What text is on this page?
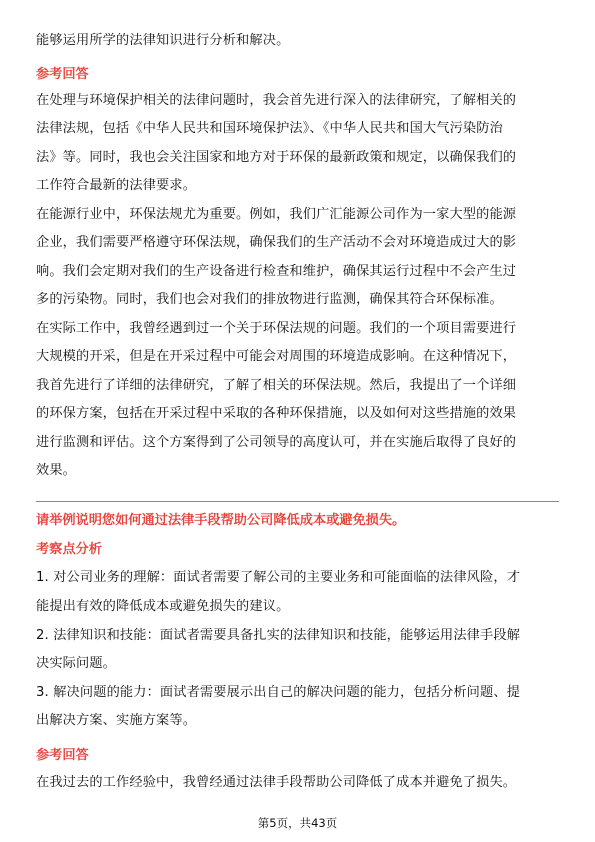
能够运用所学的法律知识进行分析和解决。
参考回答
在处理与环境保护相关的法律问题时，我会首先进行深入的法律研究，了解相关的
法律法规，包括《中华人民共和国环境保护法》、《中华人民共和国大气污染防治
法》等。同时，我也会关注国家和地方对于环保的最新政策和规定，以确保我们的
工作符合最新的法律要求。
在能源行业中，环保法规尤为重要。例如，我们广汇能源公司作为一家大型的能源
企业，我们需要严格遵守环保法规，确保我们的生产活动不会对环境造成过大的影
响。我们会定期对我们的生产设备进行检查和维护，确保其运行过程中不会产生过
多的污染物。同时，我们也会对我们的排放物进行监测，确保其符合环保标准。
在实际工作中，我曾经遇到过一个关于环保法规的问题。我们的一个项目需要进行
大规模的开采，但是在开采过程中可能会对周围的环境造成影响。在这种情况下，
我首先进行了详细的法律研究，了解了相关的环保法规。然后，我提出了一个详细
的环保方案，包括在开采过程中采取的各种环保措施，以及如何对这些措施的效果
进行监测和评估。这个方案得到了公司领导的高度认可，并在实施后取得了良好的
效果。
请举例说明您如何通过法律手段帮助公司降低成本或避免损失。
考察点分析
1. 对公司业务的理解：面试者需要了解公司的主要业务和可能面临的法律风险，才
能提出有效的降低成本或避免损失的建议。
2. 法律知识和技能：面试者需要具备扎实的法律知识和技能，能够运用法律手段解
决实际问题。
3. 解决问题的能力：面试者需要展示出自己的解决问题的能力，包括分析问题、提
出解决方案、实施方案等。
参考回答
在我过去的工作经验中，我曾经通过法律手段帮助公司降低了成本并避免了损失。
第5页，共43页
